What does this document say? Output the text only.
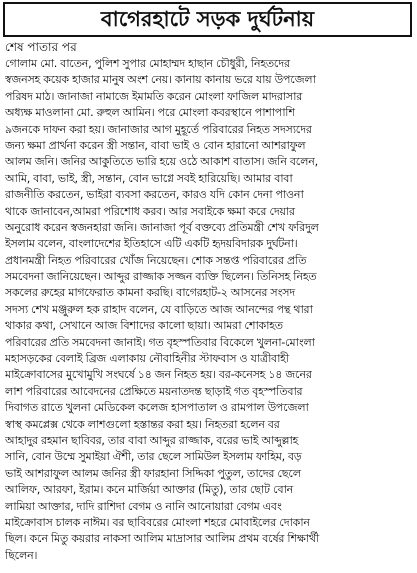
বাগেরহাটে সড়ক দুর্ঘটনায়
শেষ পাতার পর
গোলাম মো. বাতেন, পুলিশ সুপার মোহাম্মদ হাছান চৌধুরী, নিহতদের
স্বজনসহ কয়েক হাজার মানুষ অংশ নেয়। কানায় কানায় ভরে যায় উপজেলা
পরিষদ মাঠ। জানাজা নামাজে ইমামতি করেন মোংলা ফাজিল মাদরাসার
অধ্যক্ষ মাওলানা মো. রুহুল আমিন। পরে মোংলা কবরস্থানে পাশাপাশি
৯জনকে দাফন করা হয়। জানাজার আগ মুহূর্তে পরিবারের নিহত সদস্যদের
জন্য ক্ষমা প্রার্থনা করেন স্ত্রী সন্তান, বাবা ভাই ও বোন হারানো আশরাফুল
আলম জনি। জনির আকুতিতে ভারি হয়ে ওঠে আকাশ বাতাস। জনি বলেন,
আমি, বাবা, ভাই, স্ত্রী, সন্তান, বোন ভাগ্নে সবই হারিয়েছি। আমার বাবা
রাজনীতি করতেন, ভাইরা ব্যবসা করতেন, কারও যদি কোন দেনা পাওনা
থাকে জানাবেন,আমরা পরিশোধ করব। আর সবাইকে ক্ষমা করে দেয়ার
অনুরোধ করেন স্বজনহারা জনি। জানাজা পূর্ব বক্তব্যে প্রতিমন্ত্রী শেখ ফরিদুল
ইসলাম বলেন, বাংলাদেশের ইতিহাসে এটি একটি হৃদয়বিদারক দুর্ঘটনা।
প্রধানমন্ত্রী নিহত পরিবারের খোঁজ নিয়েছেন। শোক সন্তপ্ত পরিবারের প্রতি
সমবেদনা জানিয়েছেন। আব্দুর রাজ্জাক সজ্জন ব্যক্তি ছিলেন। তিনিসহ নিহত
সকলের রুহের মাগফেরাত কামনা করছি। বাগেরহাট-২ আসনের সংসদ
সদস্য শেখ মঞ্জুরুল হক রাহাদ বলেন, যে বাড়িতে আজ আনন্দের পন্থ থারা
থাকার কথা, সেখানে আজ বিশাদের কালো ছায়া। আমরা শোকাহত
পরিবারের প্রতি সমবেদনা জানাই। গত বৃহস্পতিবার বিকেলে খুলনা-মোংলা
মহাসড়কের বেলাই ব্রিজ এলাকায় নৌবাহিনীর স্টাফবাস ও যাত্রীবাহী
মাইক্রোবাসের মুখোমুখি সংঘর্ষে ১৪ জন নিহত হয়। বর-কনেসহ ১৪ জনের
লাশ পরিবারের আবেদনের প্রেক্ষিতে ময়নাতদন্ত ছাড়াই গত বৃহস্পতিবার
দিবাগত রাতে খুলনা মেডিকেল কলেজ হাসপাতাল ও রামপাল উপজেলা
স্বাস্থ কমপ্লেক্স থেকে লাশগুলো হস্তান্তর করা হয়। নিহতরা হলেন বর
আহাদুর রহমান ছাবিবর, তার বাবা আব্দুর রাজ্জাক, বরের ভাই আব্দুল্লাহ
সানি, বোন উম্মে সুমাইয়া ঐশী, তার ছেলে সামিউল ইসলাম ফাহিম, বড়
ভাই আশরাফুল আলম জনির স্ত্রী ফারহানা সিদ্দিকা পুতুল, তাদের ছেলে
আলিফ, আরফা, ইরাম। কনে মার্জিয়া আক্তার (মিতু), তার ছোট বোন
লামিয়া আক্তার, দাদি রাশিদা বেগম ও নানি আনোয়ারা বেগম এবং
মাইক্রোবাস চালক নাঈম। বর ছাবিবরের মোংলা শহরে মোবাইলের দোকান
ছিল। কনে মিতু কয়রার নাকসা আলিম মাদ্রাসার আলিম প্রথম বর্ষের শিক্ষার্থী
ছিলেন।
